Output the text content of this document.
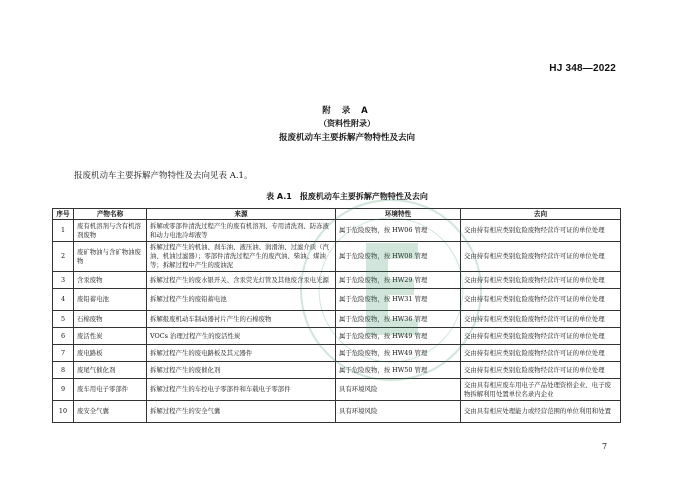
HJ 348—2022
附 录 A
（资料性附录）
报废机动车主要拆解产物特性及去向
报废机动车主要拆解产物特性及去向见表 A.1。
表 A.1　报废机动车主要拆解产物特性及去向
序号	产物名称	来源	环境特性	去向
1	废有机溶剂与含有机溶剂废物	拆解或零部件清洗过程产生的废有机溶剂、专用清洗剂、防冻液和动力电池冷却液等	属于危险废物，按 HW06 管理	交由持有相应类别危险废物经营许可证的单位处理
2	废矿物油与含矿物油废物	拆解过程产生的机油、刹车油、液压油、润滑油、过滤介质（汽油、机油过滤器）；零部件清洗过程产生的废汽油、柴油、煤油等；拆解过程中产生的废油泥	属于危险废物，按 HW08 管理	交由持有相应类别危险废物经营许可证的单位处理
3	含汞废物	拆解过程产生的废水银开关、含汞荧光灯管及其他废含汞电光源	属于危险废物，按 HW29 管理	交由持有相应类别危险废物经营许可证的单位处理
4	废铅蓄电池	拆解过程产生的废铅蓄电池	属于危险废物，按 HW31 管理	交由持有相应类别危险废物经营许可证的单位处理
5	石棉废物	拆解报废机动车制动器衬片产生的石棉废物	属于危险废物，按 HW36 管理	交由持有相应类别危险废物经营许可证的单位处理
6	废活性炭	VOCs 治理过程产生的废活性炭	属于危险废物，按 HW49 管理	交由持有相应类别危险废物经营许可证的单位处理
7	废电路板	拆解过程产生的废电路板及其元器件	属于危险废物，按 HW49 管理	交由持有相应类别危险废物经营许可证的单位处理
8	废尾气催化剂	拆解过程产生的废催化剂	属于危险废物，按 HW50 管理	交由持有相应类别危险废物经营许可证的单位处理
9	废车用电子零部件	拆解过程产生的车控电子零部件和车载电子零部件	具有环境风险	交由具有相应废车用电子产品处理资格企业、电子废物拆解利用处置单位名录内企业
10	废安全气囊	拆解过程产生的安全气囊	具有环境风险	交由具有相应处理能力或经营范围的单位利用和处置
7
